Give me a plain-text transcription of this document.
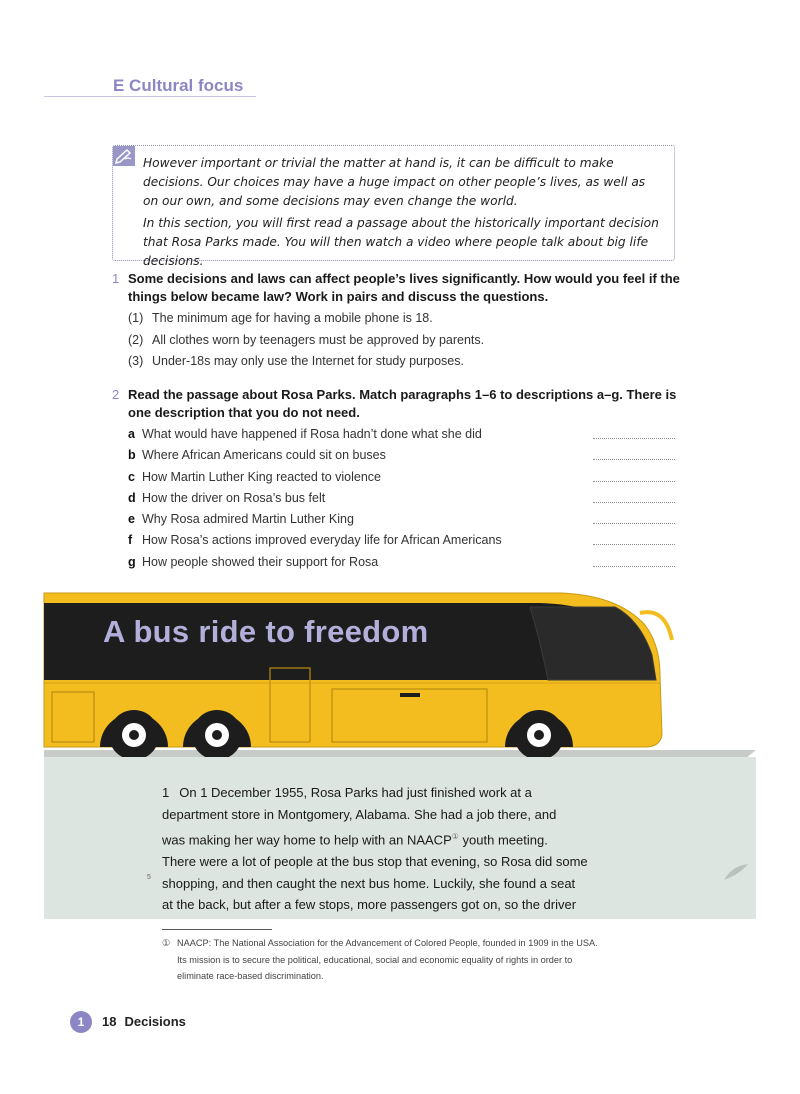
E Cultural focus

However important or trivial the matter at hand is, it can be difficult to make decisions. Our choices may have a huge impact on other people’s lives, as well as on our own, and some decisions may even change the world.

In this section, you will first read a passage about the historically important decision that Rosa Parks made. You will then watch a video where people talk about big life decisions.

1 Some decisions and laws can affect people’s lives significantly. How would you feel if the things below became law? Work in pairs and discuss the questions.
(1) The minimum age for having a mobile phone is 18.
(2) All clothes worn by teenagers must be approved by parents.
(3) Under-18s may only use the Internet for study purposes.
2 Read the passage about Rosa Parks. Match paragraphs 1–6 to descriptions a–g. There is one description that you do not need.
a What would have happened if Rosa hadn’t done what she did
b Where African Americans could sit on buses
c How Martin Luther King reacted to violence
d How the driver on Rosa’s bus felt
e Why Rosa admired Martin Luther King
f How Rosa’s actions improved everyday life for African Americans
g How people showed their support for Rosa
A bus ride to freedom
5
1 On 1 December 1955, Rosa Parks had just finished work at a
department store in Montgomery, Alabama. She had a job there, and
was making her way home to help with an NAACP① youth meeting.
There were a lot of people at the bus stop that evening, so Rosa did some
shopping, and then caught the next bus home. Luckily, she found a seat
at the back, but after a few stops, more passengers got on, so the driver
① NAACP: The National Association for the Advancement of Colored People, founded in 1909 in the USA. Its mission is to secure the political, educational, social and economic equality of rights in order to eliminate race-based discrimination.
1	18 Decisions
